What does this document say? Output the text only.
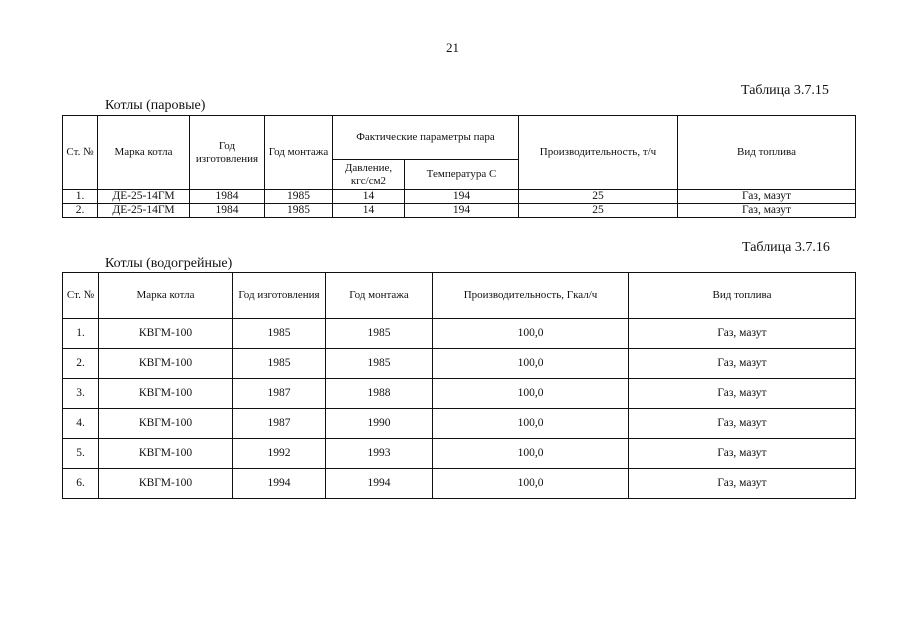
21
Таблица 3.7.15
Котлы (паровые)
Ст. №	Марка котла	Год изготовления	Год монтажа	Фактические параметры пара		Производительность, т/ч	Вид топлива
				Давление, кгс/см2	Температура С		
1.	ДЕ-25-14ГМ	1984	1985	14	194	25	Газ, мазут
2.	ДЕ-25-14ГМ	1984	1985	14	194	25	Газ, мазут
Таблица 3.7.16
Котлы (водогрейные)
Ст. №	Марка котла	Год изготовления	Год монтажа	Производительность, Гкал/ч	Вид топлива
1.	КВГМ-100	1985	1985	100,0	Газ, мазут
2.	КВГМ-100	1985	1985	100,0	Газ, мазут
3.	КВГМ-100	1987	1988	100,0	Газ, мазут
4.	КВГМ-100	1987	1990	100,0	Газ, мазут
5.	КВГМ-100	1992	1993	100,0	Газ, мазут
6.	КВГМ-100	1994	1994	100,0	Газ, мазут
